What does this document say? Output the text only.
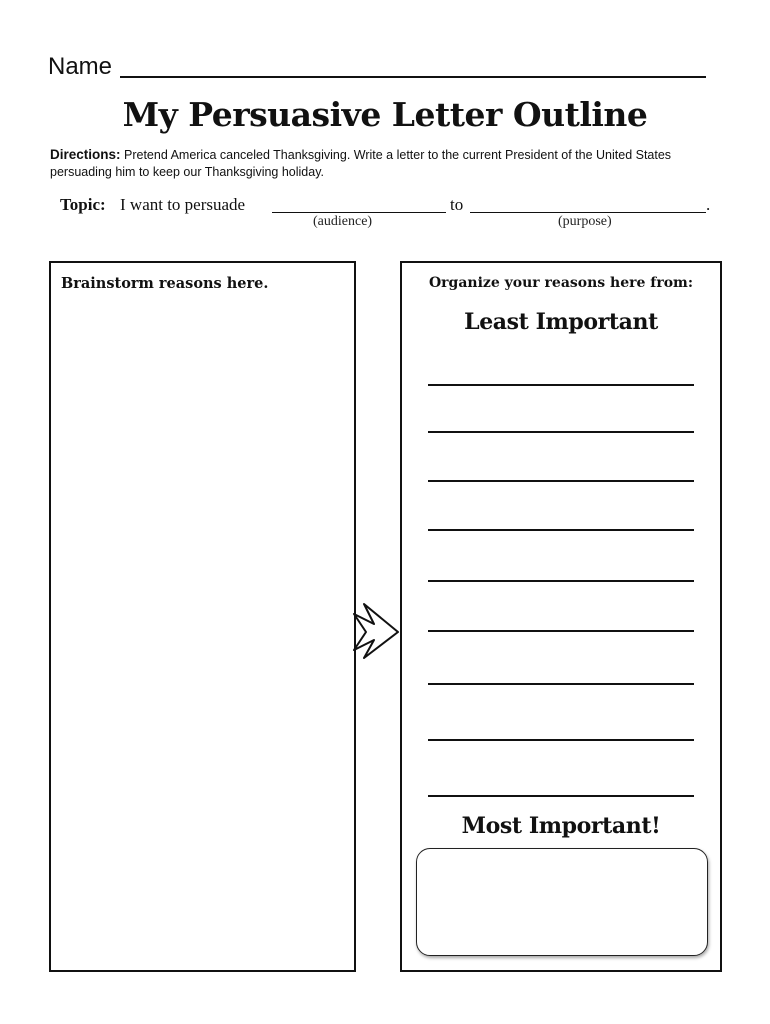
Name
My Persuasive Letter Outline
Directions: Pretend America canceled Thanksgiving. Write a letter to the current President of the United States persuading him to keep our Thanksgiving holiday.
Topic: I want to persuade	to	.
(audience)	(purpose)
Brainstorm reasons here.	Organize your reasons here from:
Least Important
Most Important!
